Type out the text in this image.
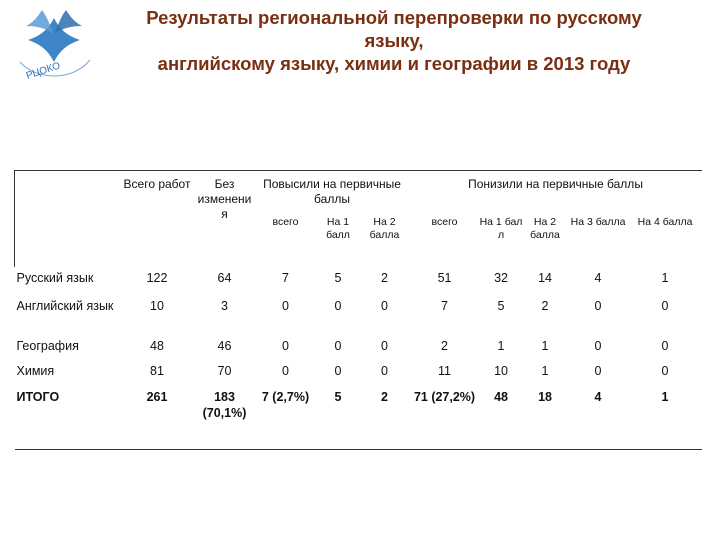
РЦОКО
Результаты региональной перепроверки по русскому
языку,
английскому языку, химии и географии в 2013 году
	Всего работ	Без изменени я	Повысили на первичные баллы			Понизили на первичные баллы				
			всего	На 1 балл	На 2 балла	всего	На 1 бал л	На 2 балла	На 3 балла	На 4 балла
Русский язык	122	64	7	5	2	51	32	14	4	1
Английский язык	10	3	0	0	0	7	5	2	0	0
География	48	46	0	0	0	2	1	1	0	0
Химия	81	70	0	0	0	11	10	1	0	0
ИТОГО	261	183 (70,1%)	7 (2,7%)	5	2	71 (27,2%)	48	18	4	1
